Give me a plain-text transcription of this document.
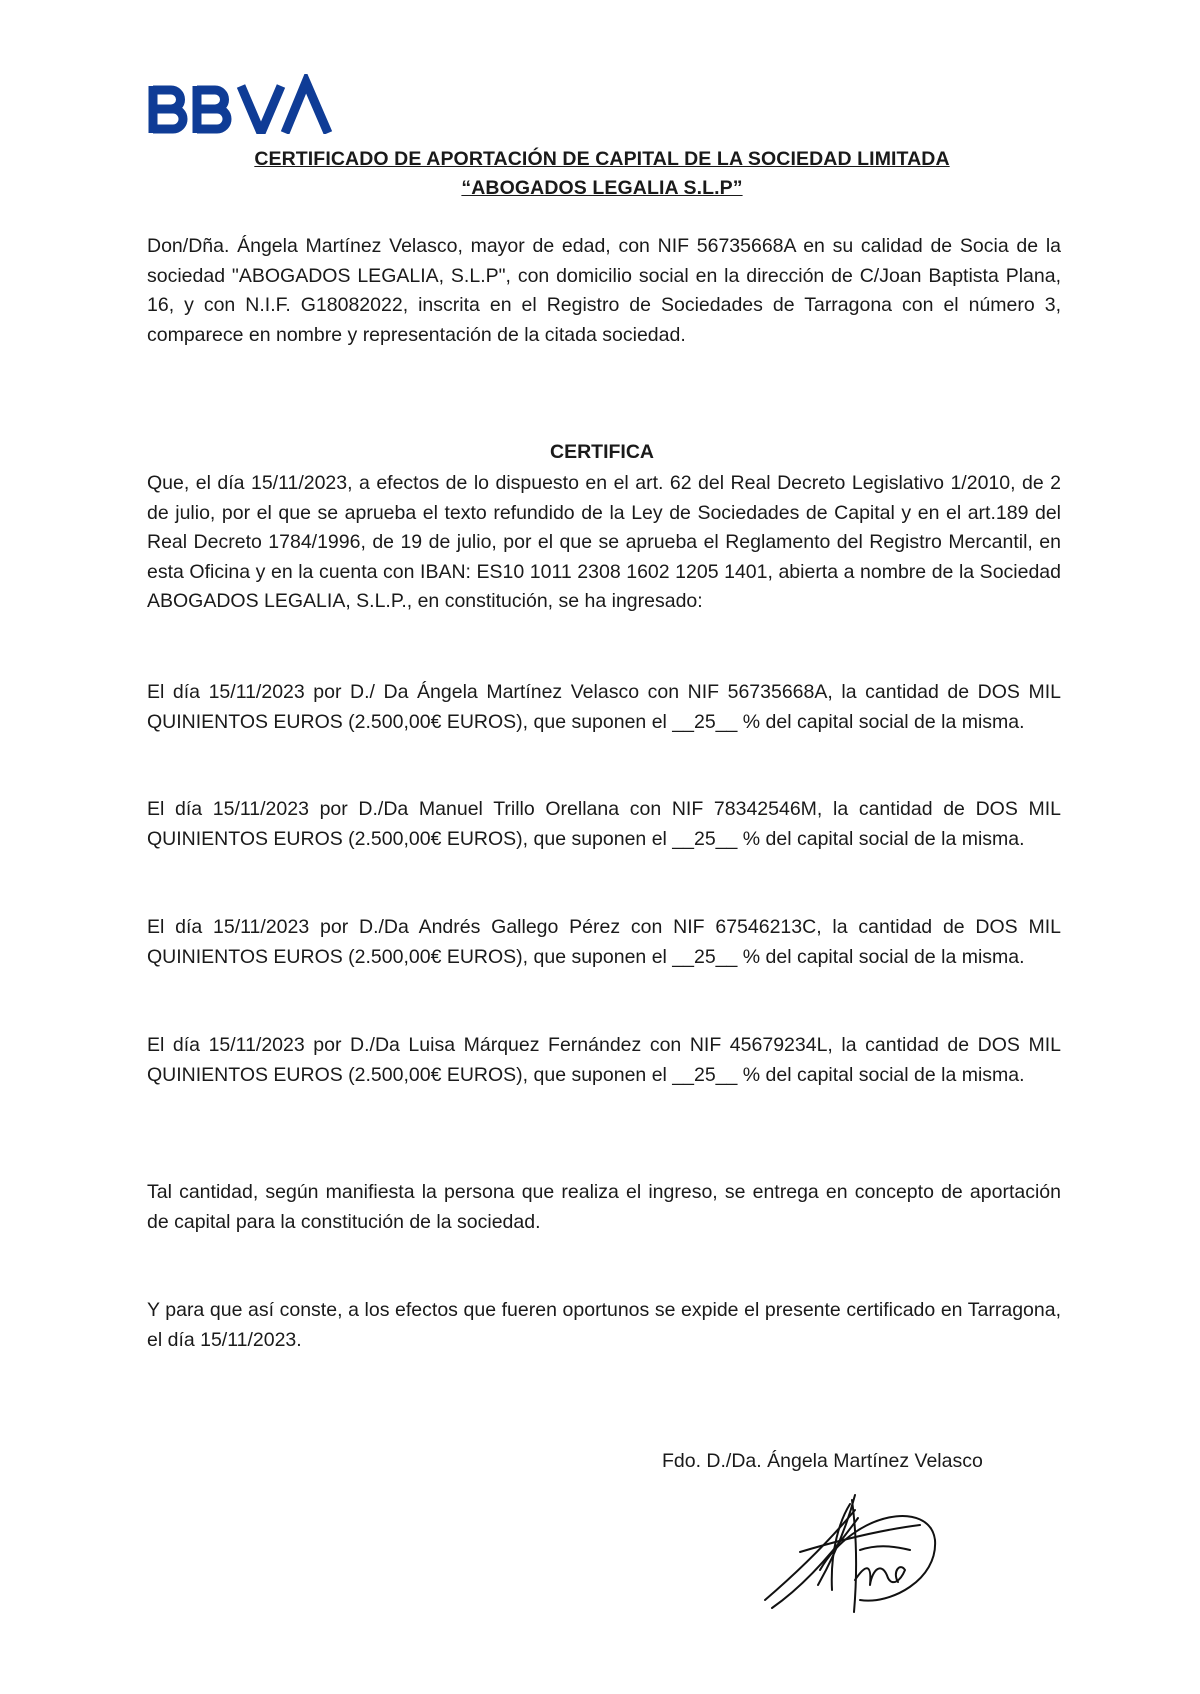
CERTIFICADO DE APORTACIÓN DE CAPITAL DE LA SOCIEDAD LIMITADA
“ABOGADOS LEGALIA S.L.P”
Don/Dña. Ángela Martínez Velasco, mayor de edad, con NIF 56735668A en su calidad de Socia de la sociedad "ABOGADOS LEGALIA, S.L.P", con domicilio social en la dirección de C/Joan Baptista Plana, 16, y con N.I.F. G18082022, inscrita en el Registro de Sociedades de Tarragona con el número 3, comparece en nombre y representación de la citada sociedad.
CERTIFICA
Que, el día 15/11/2023, a efectos de lo dispuesto en el art. 62 del Real Decreto Legislativo 1/2010, de 2 de julio, por el que se aprueba el texto refundido de la Ley de Sociedades de Capital y en el art.189 del Real Decreto 1784/1996, de 19 de julio, por el que se aprueba el Reglamento del Registro Mercantil, en esta Oficina y en la cuenta con IBAN: ES10 1011 2308 1602 1205 1401, abierta a nombre de la Sociedad ABOGADOS LEGALIA, S.L.P., en constitución, se ha ingresado:
El día 15/11/2023 por D./ Da Ángela Martínez Velasco con NIF 56735668A, la cantidad de DOS MIL QUINIENTOS EUROS (2.500,00€ EUROS), que suponen el __25__ % del capital social de la misma.
El día 15/11/2023 por D./Da Manuel Trillo Orellana con NIF 78342546M, la cantidad de DOS MIL QUINIENTOS EUROS (2.500,00€ EUROS), que suponen el __25__ % del capital social de la misma.
El día 15/11/2023 por D./Da Andrés Gallego Pérez con NIF 67546213C, la cantidad de DOS MIL QUINIENTOS EUROS (2.500,00€ EUROS), que suponen el __25__ % del capital social de la misma.
El día 15/11/2023 por D./Da Luisa Márquez Fernández con NIF 45679234L, la cantidad de DOS MIL QUINIENTOS EUROS (2.500,00€ EUROS), que suponen el __25__ % del capital social de la misma.
Tal cantidad, según manifiesta la persona que realiza el ingreso, se entrega en concepto de aportación de capital para la constitución de la sociedad.
Y para que así conste, a los efectos que fueren oportunos se expide el presente certificado en Tarragona, el día 15/11/2023.
Fdo. D./Da. Ángela Martínez Velasco
